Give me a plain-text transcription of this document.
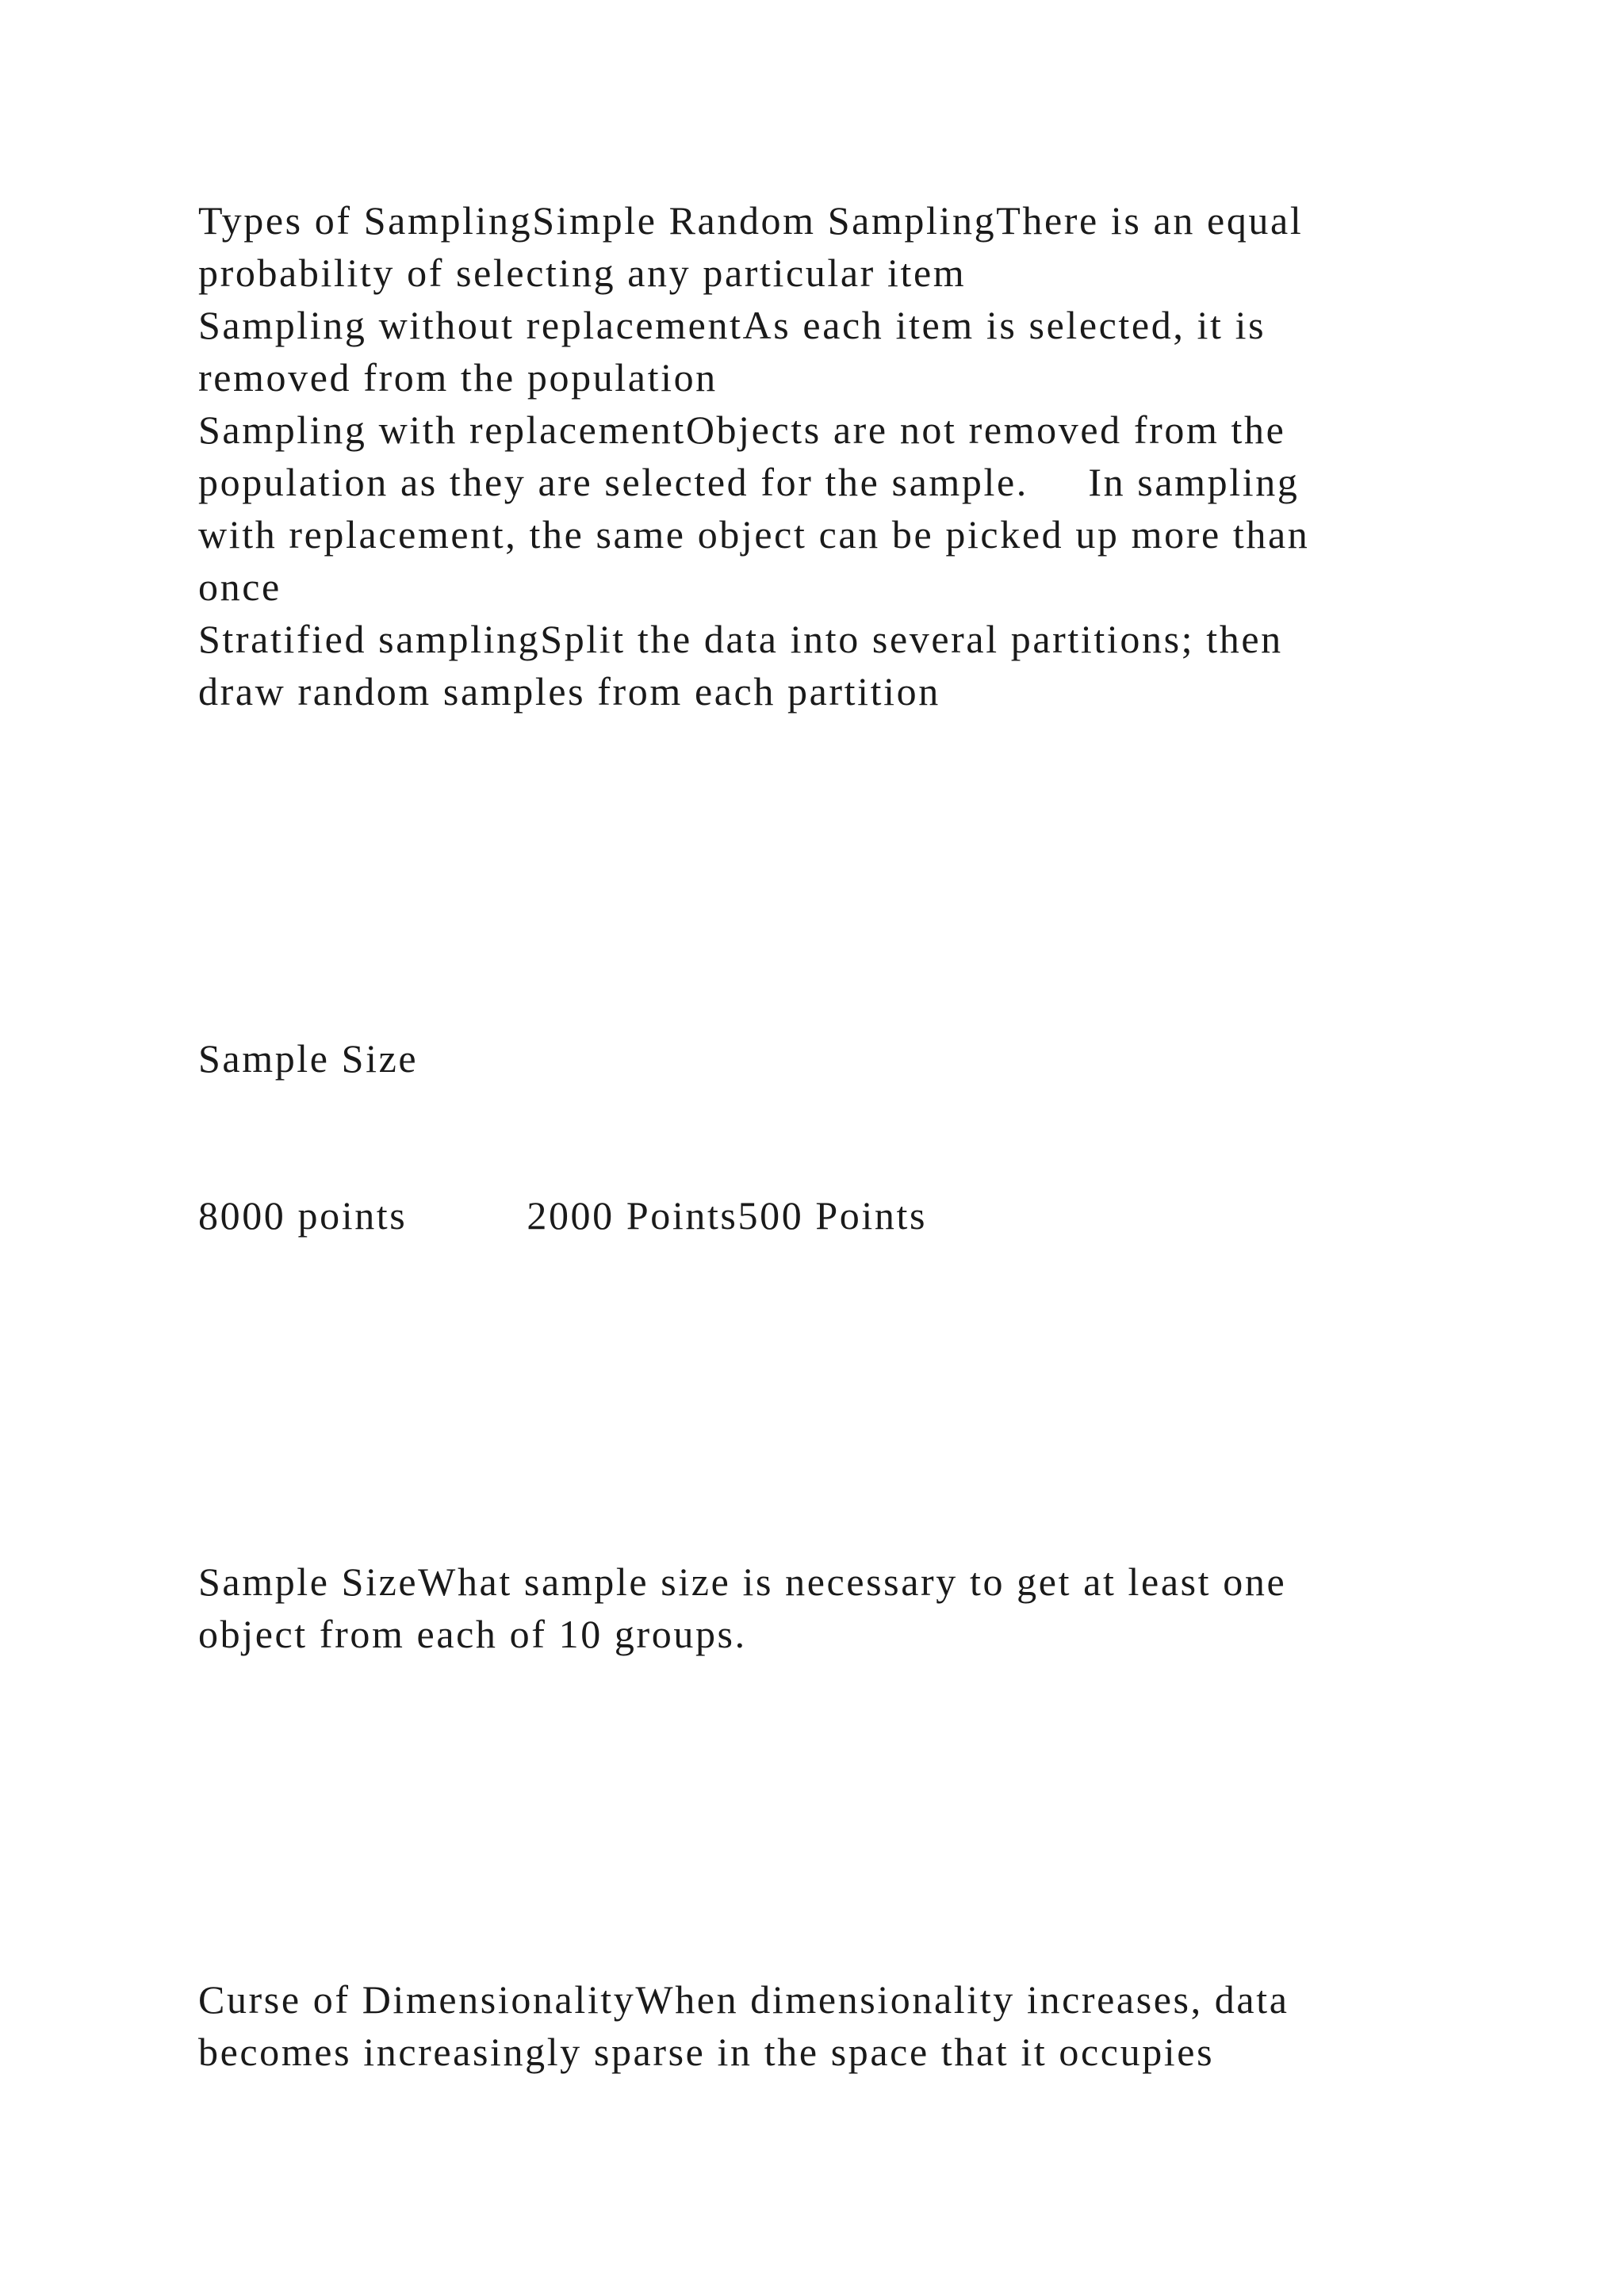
Types of SamplingSimple Random SamplingThere is an equal
probability of selecting any particular item
Sampling without replacementAs each item is selected, it is
removed from the population
Sampling with replacementObjects are not removed from the
population as they are selected for the sample.     In sampling
with replacement, the same object can be picked up more than
once
Stratified samplingSplit the data into several partitions; then
draw random samples from each partition

Sample Size

8000 points          2000 Points500 Points

Sample SizeWhat sample size is necessary to get at least one
object from each of 10 groups.

Curse of DimensionalityWhen dimensionality increases, data
becomes increasingly sparse in the space that it occupies
